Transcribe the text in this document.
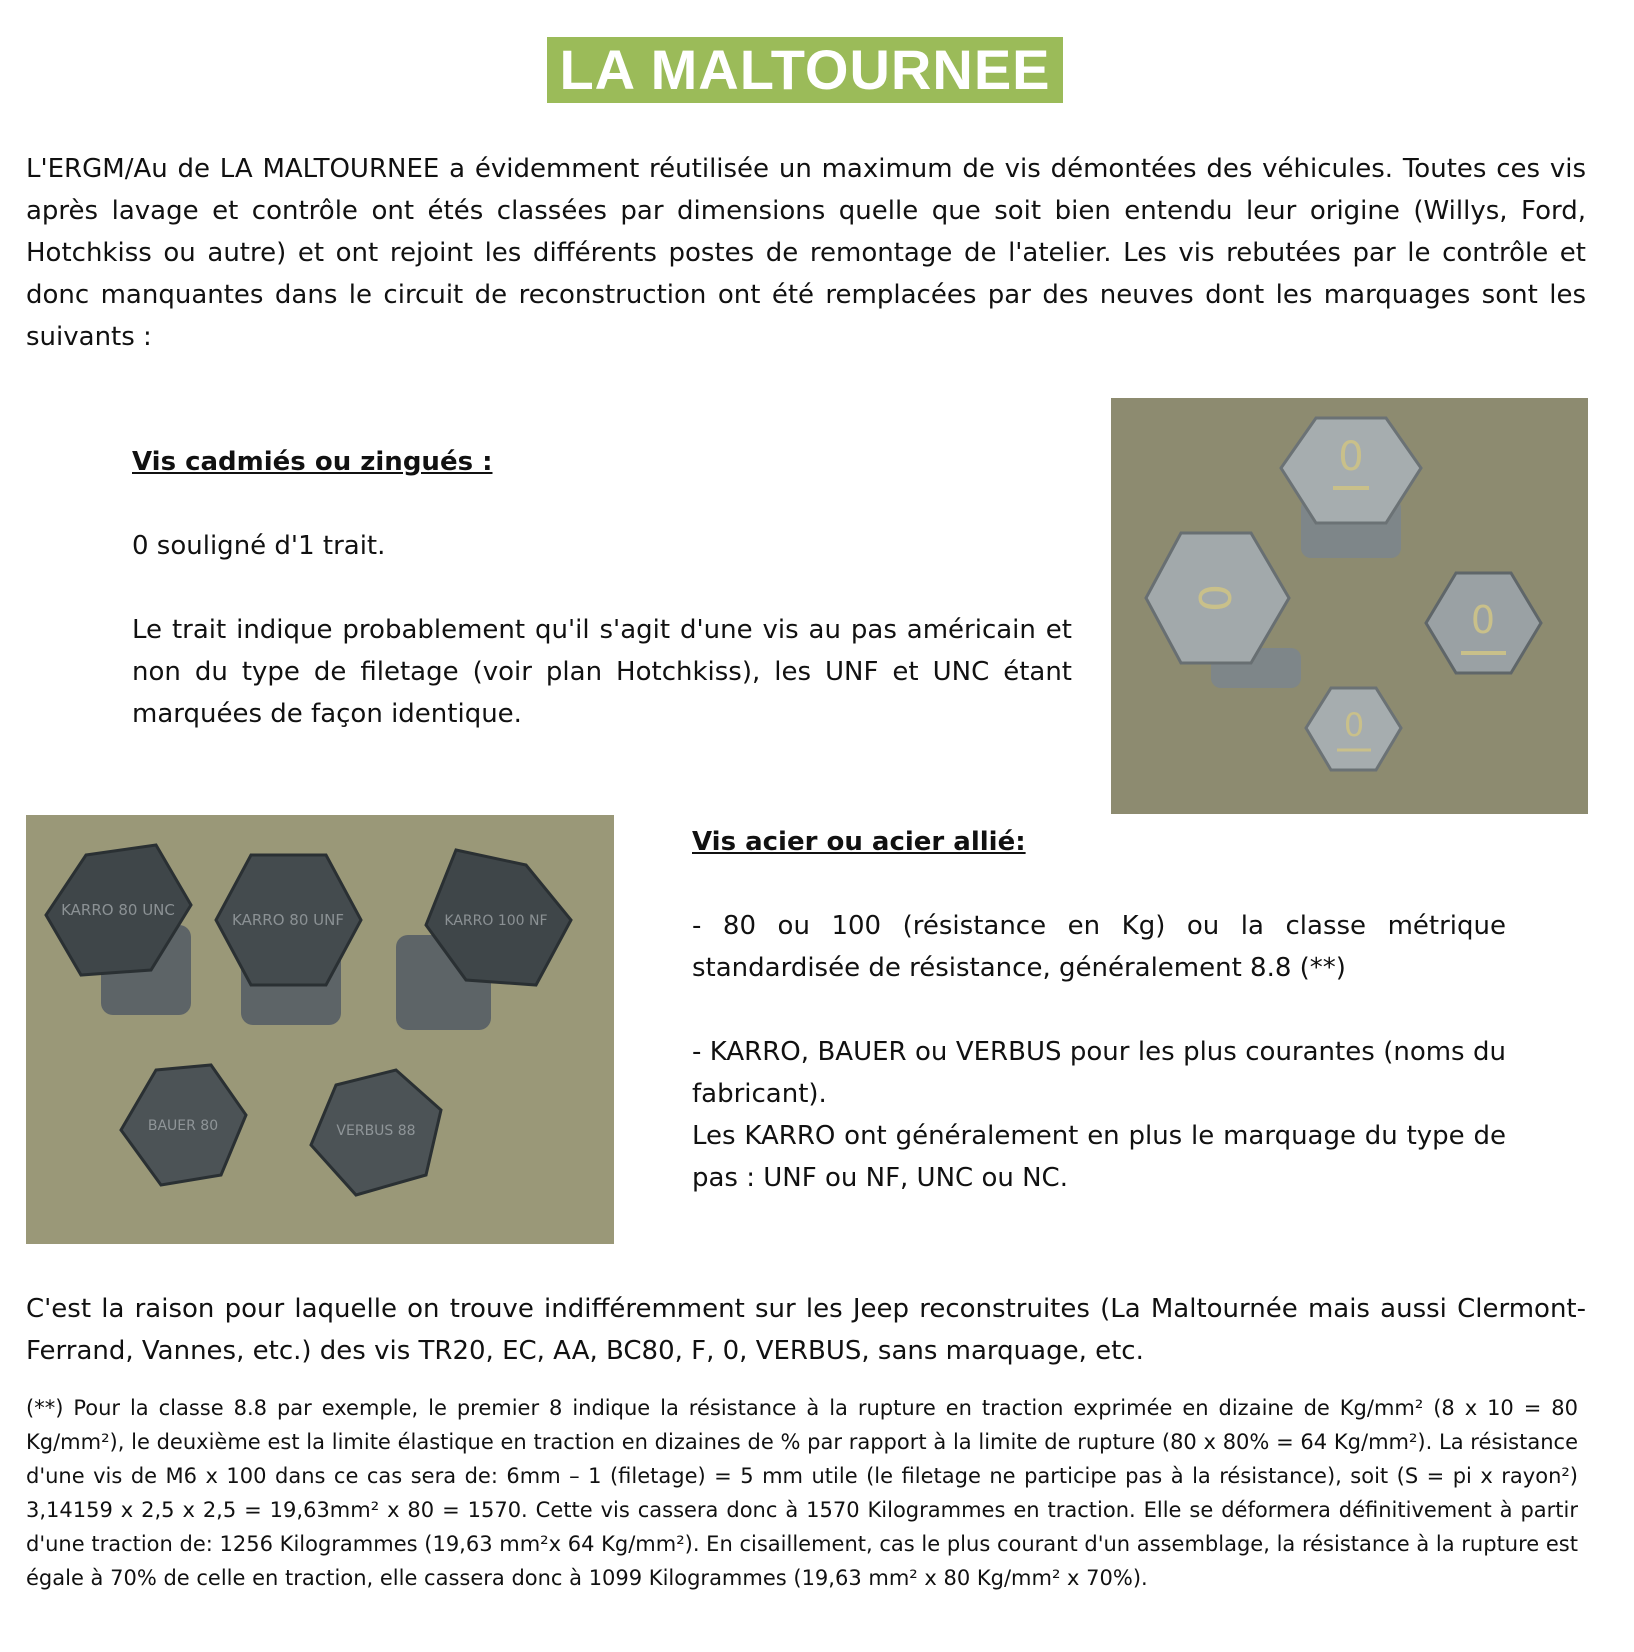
LA MALTOURNEE

L'ERGM/Au de LA MALTOURNEE a évidemment réutilisée un maximum de vis démontées des véhicules. Toutes ces vis après lavage et contrôle ont étés classées par dimensions quelle que soit bien entendu leur origine (Willys, Ford, Hotchkiss ou autre) et ont rejoint les différents postes de remontage de l'atelier. Les vis rebutées par le contrôle et donc manquantes dans le circuit de reconstruction ont été remplacées par des neuves dont les marquages sont les suivants :

Vis cadmiés ou zingués :

0 souligné d'1 trait.

Le trait indique probablement qu'il s'agit d'une vis au pas américain et non du type de filetage (voir plan Hotchkiss), les UNF et UNC étant marquées de façon identique.

0
0	0
0
KARRO 80 UNC
KARRO 80 UNF	KARRO 100 NF
BAUER 80	VERBUS 88

Vis acier ou acier allié:

- 80 ou 100 (résistance en Kg) ou la classe métrique standardisée de résistance, généralement 8.8 (**)

- KARRO, BAUER ou VERBUS pour les plus courantes (noms du fabricant).

Les KARRO ont généralement en plus le marquage du type de pas : UNF ou NF, UNC ou NC.

C'est la raison pour laquelle on trouve indifféremment sur les Jeep reconstruites (La Maltournée mais aussi Clermont-Ferrand, Vannes, etc.) des vis TR20, EC, AA, BC80, F, 0, VERBUS, sans marquage, etc.

(**) Pour la classe 8.8 par exemple, le premier 8 indique la résistance à la rupture en traction exprimée en dizaine de Kg/mm² (8 x 10 = 80 Kg/mm²), le deuxième est la limite élastique en traction en dizaines de % par rapport à la limite de rupture (80 x 80% = 64 Kg/mm²). La résistance d'une vis de M6 x 100 dans ce cas sera de: 6mm – 1 (filetage) = 5 mm utile (le filetage ne participe pas à la résistance), soit (S = pi x rayon²) 3,14159 x 2,5 x 2,5 = 19,63mm² x 80 = 1570. Cette vis cassera donc à 1570 Kilogrammes en traction. Elle se déformera définitivement à partir d'une traction de: 1256 Kilogrammes (19,63 mm²x 64 Kg/mm²). En cisaillement, cas le plus courant d'un assemblage, la résistance à la rupture est égale à 70% de celle en traction, elle cassera donc à 1099 Kilogrammes (19,63 mm² x 80 Kg/mm² x 70%).
